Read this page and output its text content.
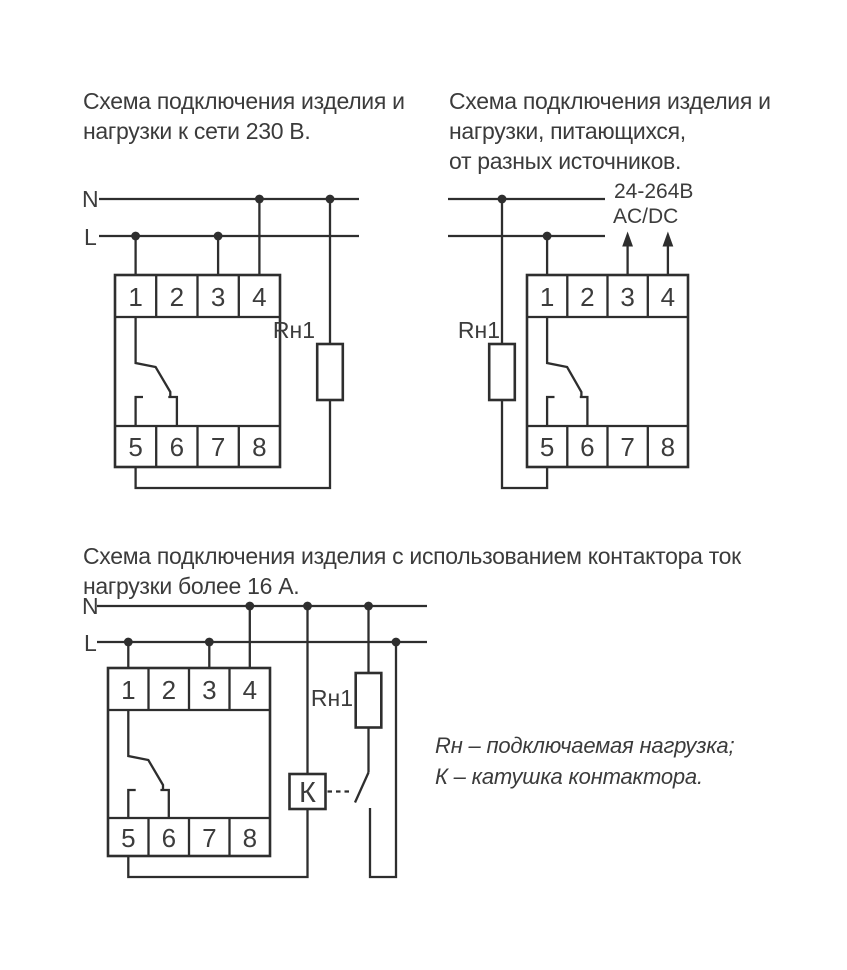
Схема подключения изделия и
нагрузки к сети 230 В.
Схема подключения изделия и
нагрузки, питающихся,
от разных источников.
Схема подключения изделия с использованием контактора ток
нагрузки более 16 А.
Rн – подключаемая нагрузка;
К – катушка контактора.
N
L
Rн1
1 2 3 4
5 6 7 8
24-264В
AC/DC
Rн1
1 2 3 4
5 6 7 8
N
L
Rн1
К
1 2 3 4
5 6 7 8
